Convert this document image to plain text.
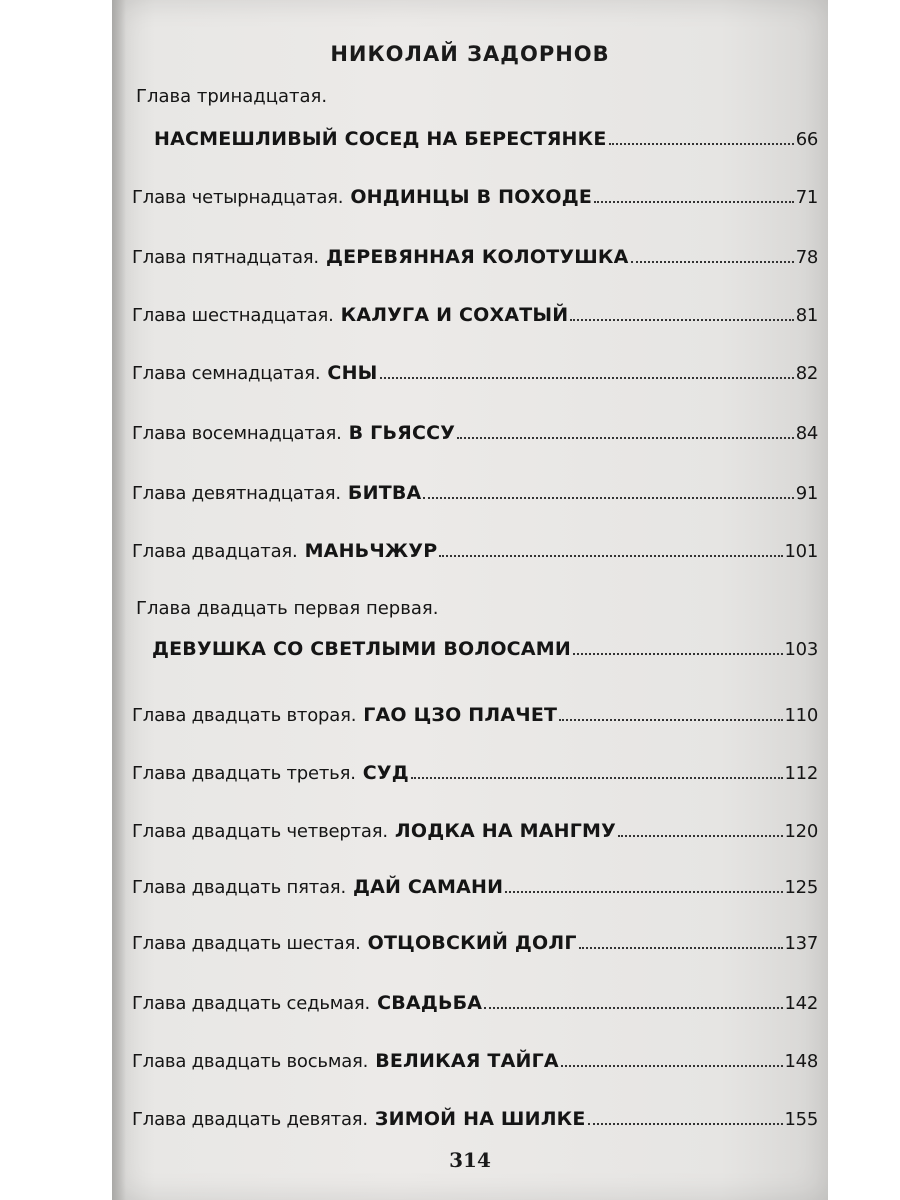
НИКОЛАЙ ЗАДОРНОВ
Глава тринадцатая.
НАСМЕШЛИВЫЙ СОСЕД НА БЕРЕСТЯНКЕ	66
Глава четырнадцатая. ОНДИНЦЫ В ПОХОДЕ	71
Глава пятнадцатая. ДЕРЕВЯННАЯ КОЛОТУШКА	78
Глава шестнадцатая. КАЛУГА И СОХАТЫЙ	81
Глава семнадцатая. СНЫ	82
Глава восемнадцатая. В ГЬЯССУ	84
Глава девятнадцатая. БИТВА	91
Глава двадцатая. МАНЬЧЖУР	101
Глава двадцать первая первая.
ДЕВУШКА СО СВЕТЛЫМИ ВОЛОСАМИ	103
Глава двадцать вторая. ГАО ЦЗО ПЛАЧЕТ	110
Глава двадцать третья. СУД	112
Глава двадцать четвертая. ЛОДКА НА МАНГМУ	120
Глава двадцать пятая. ДАЙ САМАНИ	125
Глава двадцать шестая. ОТЦОВСКИЙ ДОЛГ	137
Глава двадцать седьмая. СВАДЬБА	142
Глава двадцать восьмая. ВЕЛИКАЯ ТАЙГА	148
Глава двадцать девятая. ЗИМОЙ НА ШИЛКЕ	155
314
